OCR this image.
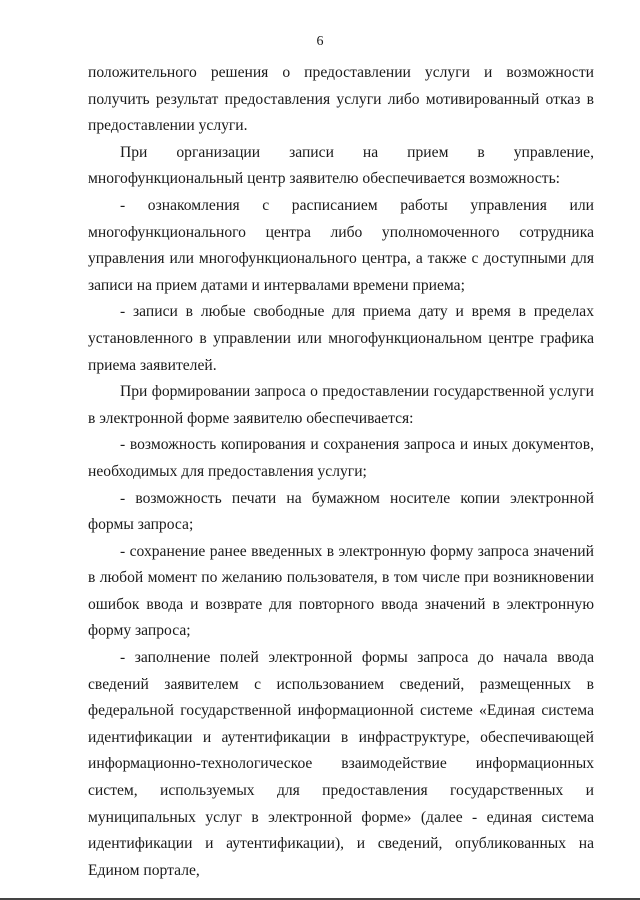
6

положительного решения о предоставлении услуги и возможности получить результат предоставления услуги либо мотивированный отказ в предоставлении услуги.

При организации записи на прием в управление, многофункциональный центр заявителю обеспечивается возможность:

- ознакомления с расписанием работы управления или многофункционального центра либо уполномоченного сотрудника управления или многофункционального центра, а также с доступными для записи на прием датами и интервалами времени приема;

- записи в любые свободные для приема дату и время в пределах установленного в управлении или многофункциональном центре графика приема заявителей.

При формировании запроса о предоставлении государственной услуги в электронной форме заявителю обеспечивается:

- возможность копирования и сохранения запроса и иных документов, необходимых для предоставления услуги;

- возможность печати на бумажном носителе копии электронной формы запроса;

- сохранение ранее введенных в электронную форму запроса значений в любой момент по желанию пользователя, в том числе при возникновении ошибок ввода и возврате для повторного ввода значений в электронную форму запроса;

- заполнение полей электронной формы запроса до начала ввода сведений заявителем с использованием сведений, размещенных в федеральной государственной информационной системе «Единая система идентификации и аутентификации в инфраструктуре, обеспечивающей информационно-технологическое взаимодействие информационных систем, используемых для предоставления государственных и муниципальных услуг в электронной форме» (далее - единая система идентификации и аутентификации), и сведений, опубликованных на Едином портале,
